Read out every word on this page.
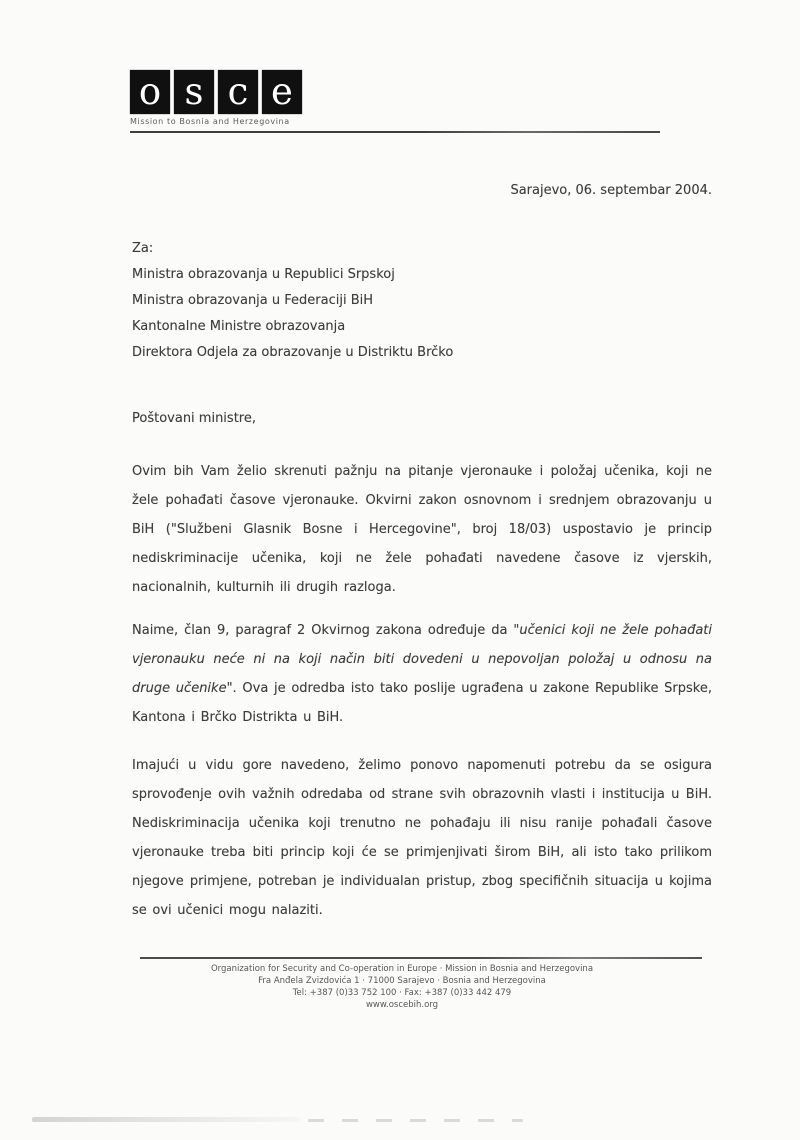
o s c e
Mission to Bosnia and Herzegovina
Sarajevo, 06. septembar 2004.
Za:
Ministra obrazovanja u Republici Srpskoj
Ministra obrazovanja u Federaciji BiH
Kantonalne Ministre obrazovanja
Direktora Odjela za obrazovanje u Distriktu Brčko
Poštovani ministre,

Ovim bih Vam želio skrenuti pažnju na pitanje vjeronauke i položaj učenika, koji ne žele pohađati časove vjeronauke. Okvirni zakon osnovnom i srednjem obrazovanju u BiH ("Službeni Glasnik Bosne i Hercegovine", broj 18/03) uspostavio je princip nediskriminacije učenika, koji ne žele pohađati navedene časove iz vjerskih, nacionalnih, kulturnih ili drugih razloga.

Naime, član 9, paragraf 2 Okvirnog zakona određuje da "učenici koji ne žele pohađati vjeronauku neće ni na koji način biti dovedeni u nepovoljan položaj u odnosu na druge učenike". Ova je odredba isto tako poslije ugrađena u zakone Republike Srpske, Kantona i Brčko Distrikta u BiH.

Imajući u vidu gore navedeno, želimo ponovo napomenuti potrebu da se osigura sprovođenje ovih važnih odredaba od strane svih obrazovnih vlasti i institucija u BiH. Nediskriminacija učenika koji trenutno ne pohađaju ili nisu ranije pohađali časove vjeronauke treba biti princip koji će se primjenjivati širom BiH, ali isto tako prilikom njegove primjene, potreban je individualan pristup, zbog specifičnih situacija u kojima se ovi učenici mogu nalaziti.

Organization for Security and Co-operation in Europe · Mission in Bosnia and Herzegovina
Fra Anđela Zvizdovića 1 · 71000 Sarajevo · Bosnia and Herzegovina
Tel: +387 (0)33 752 100 · Fax: +387 (0)33 442 479
www.oscebih.org
